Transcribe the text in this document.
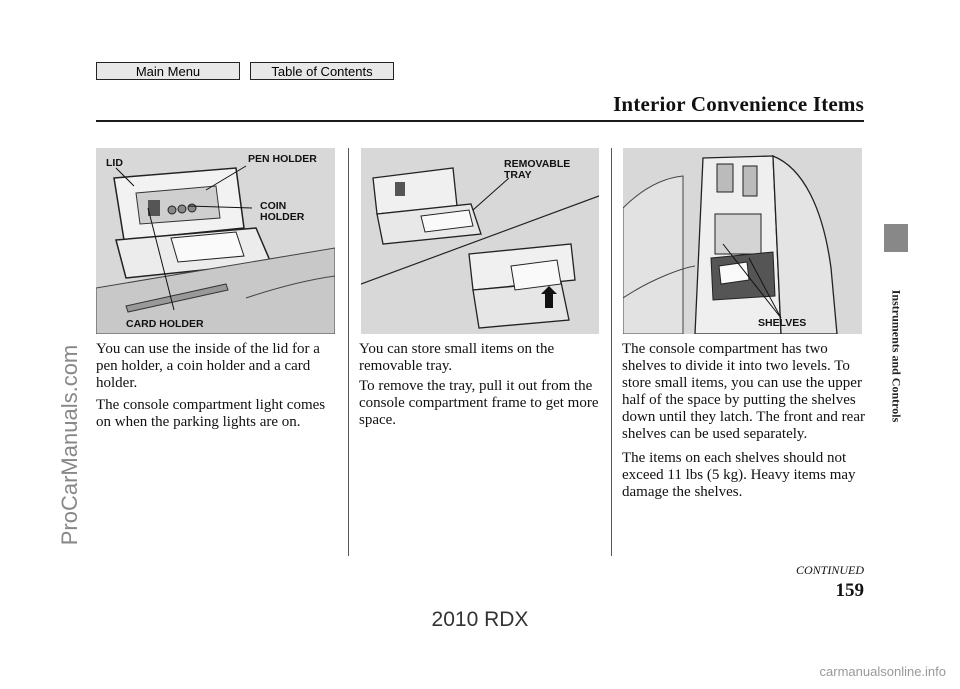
Main Menu	Table of Contents
Interior Convenience Items
LID	PEN HOLDER
COIN
HOLDER
CARD HOLDER
REMOVABLE
TRAY
SHELVES

You can use the inside of the lid for a pen holder, a coin holder and a card holder.

The console compartment light comes on when the parking lights are on.

You can store small items on the removable tray.

To remove the tray, pull it out from the console compartment frame to get more space.

The console compartment has two shelves to divide it into two levels. To store small items, you can use the upper half of the space by putting the shelves down until they latch. The front and rear shelves can be used separately.

The items on each shelves should not exceed 11 lbs (5 kg). Heavy items may damage the shelves.

Instruments and Controls
CONTINUED
159
2010 RDX
ProCarManuals.com
carmanualsonline.info
